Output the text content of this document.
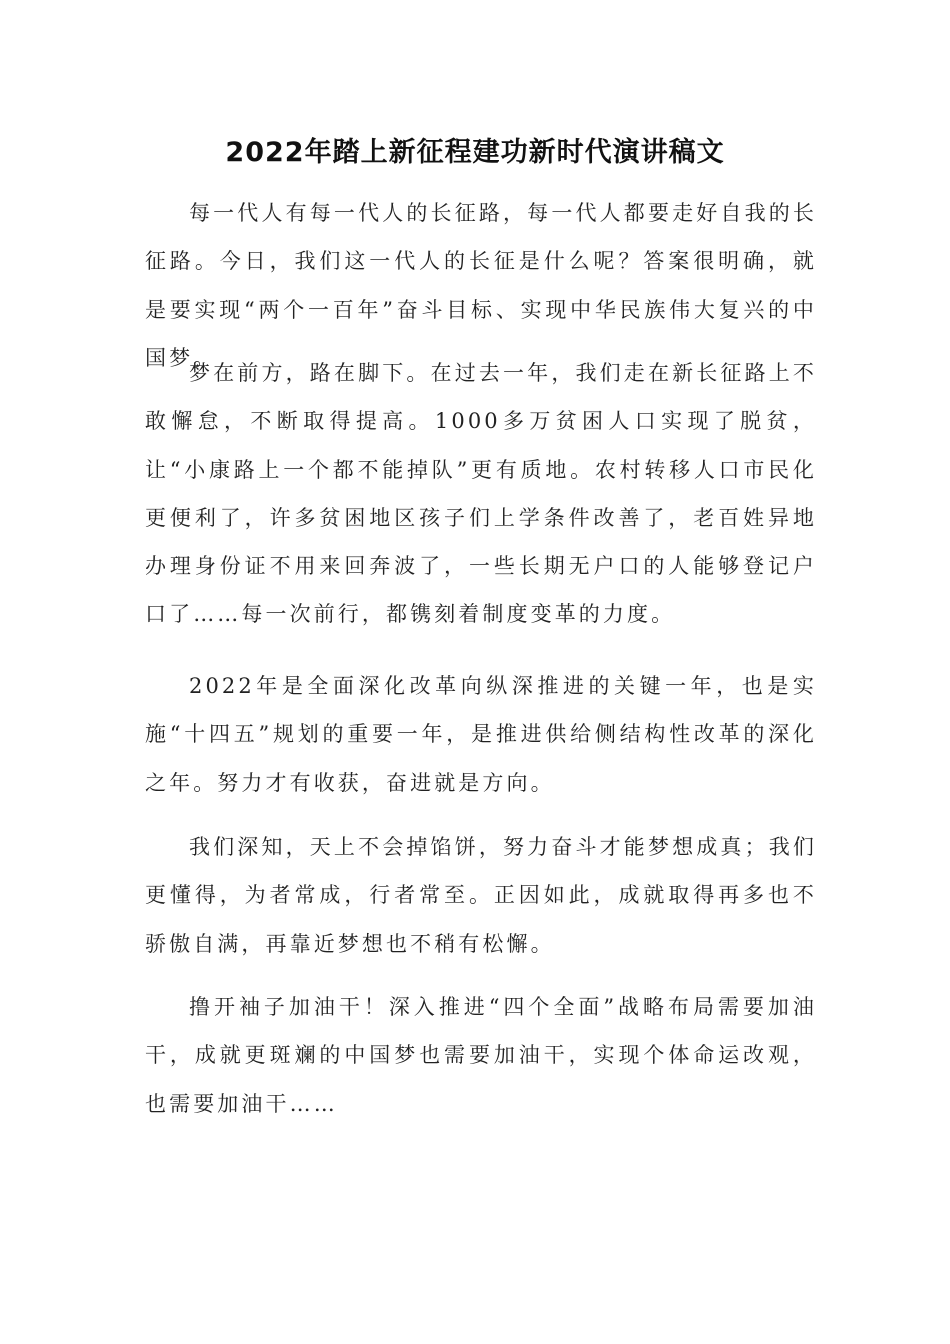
2022年踏上新征程建功新时代演讲稿文

每一代人有每一代人的长征路，每一代人都要走好自我的长征路。今日，我们这一代人的长征是什么呢？答案很明确，就是要实现“两个一百年”奋斗目标、实现中华民族伟大复兴的中国梦。

梦在前方，路在脚下。在过去一年，我们走在新长征路上不敢懈怠，不断取得提高。1000多万贫困人口实现了脱贫，让“小康路上一个都不能掉队”更有质地。农村转移人口市民化更便利了，许多贫困地区孩子们上学条件改善了，老百姓异地办理身份证不用来回奔波了，一些长期无户口的人能够登记户口了……每一次前行，都镌刻着制度变革的力度。

2022年是全面深化改革向纵深推进的关键一年，也是实施“十四五”规划的重要一年，是推进供给侧结构性改革的深化之年。努力才有收获，奋进就是方向。

我们深知，天上不会掉馅饼，努力奋斗才能梦想成真；我们更懂得，为者常成，行者常至。正因如此，成就取得再多也不骄傲自满，再靠近梦想也不稍有松懈。

撸开袖子加油干！深入推进“四个全面”战略布局需要加油干，成就更斑斓的中国梦也需要加油干，实现个体命运改观，也需要加油干……
